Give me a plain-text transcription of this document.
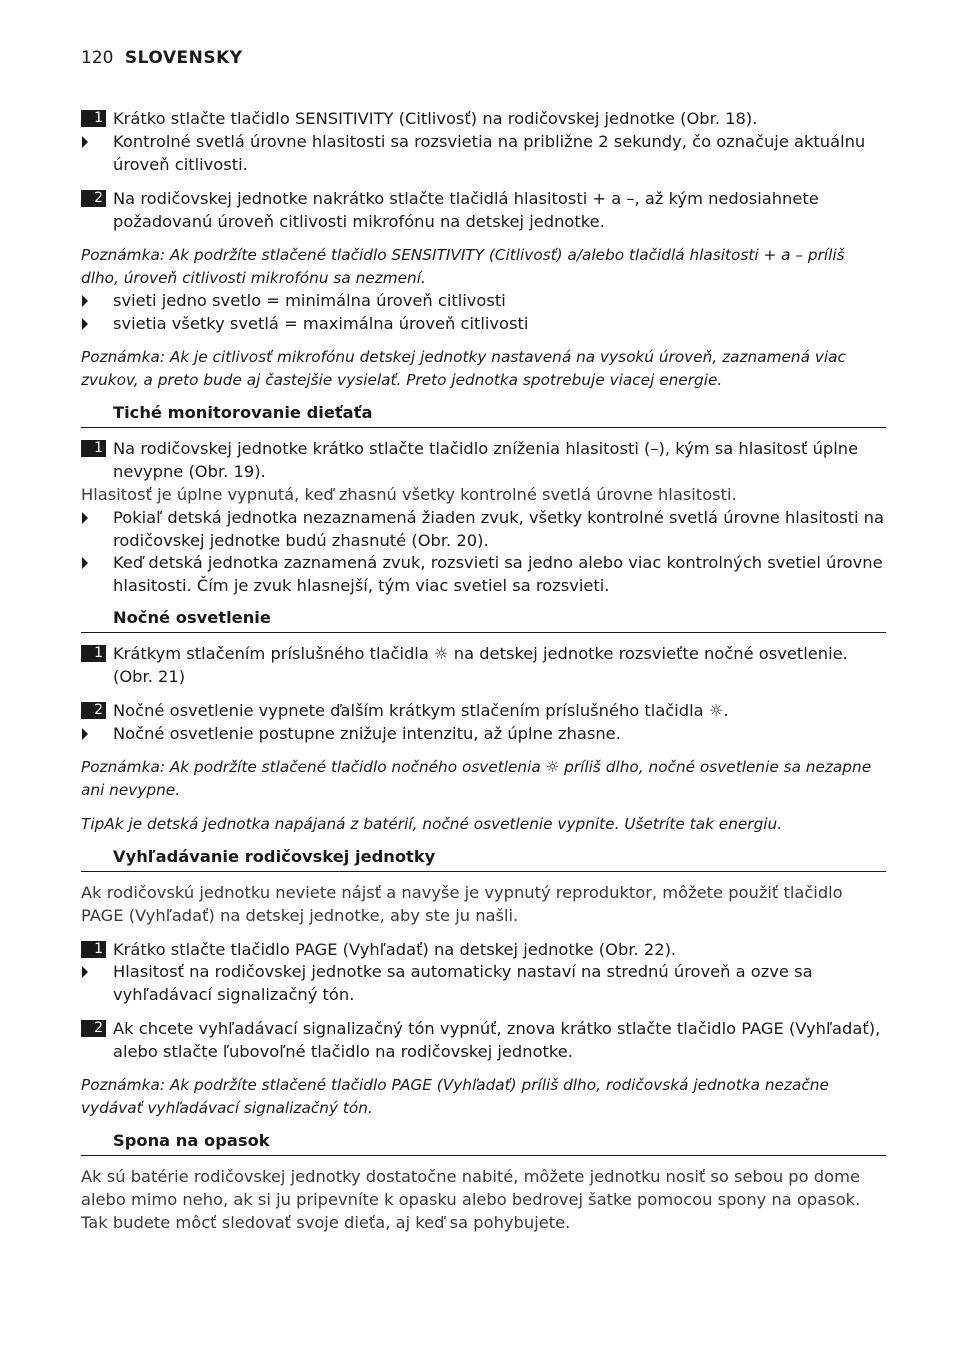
120 SLOVENSKY
1 Krátko stlačte tlačidlo SENSITIVITY (Citlivosť) na rodičovskej jednotke (Obr. 18).
Kontrolné svetlá úrovne hlasitosti sa rozsvietia na približne 2 sekundy, čo označuje aktuálnu úroveň citlivosti.
2 Na rodičovskej jednotke nakrátko stlačte tlačidlá hlasitosti + a –, až kým nedosiahnete požadovanú úroveň citlivosti mikrofónu na detskej jednotke.
Poznámka: Ak podržíte stlačené tlačidlo SENSITIVITY (Citlivosť) a/alebo tlačidlá hlasitosti + a – príliš dlho, úroveň citlivosti mikrofónu sa nezmení.
svieti jedno svetlo = minimálna úroveň citlivosti
svietia všetky svetlá = maximálna úroveň citlivosti
Poznámka: Ak je citlivosť mikrofónu detskej jednotky nastavená na vysokú úroveň, zaznamená viac zvukov, a preto bude aj častejšie vysielať. Preto jednotka spotrebuje viacej energie.
Tiché monitorovanie dieťaťa
1 Na rodičovskej jednotke krátko stlačte tlačidlo zníženia hlasitosti (–), kým sa hlasitosť úplne nevypne (Obr. 19).
Hlasitosť je úplne vypnutá, keď zhasnú všetky kontrolné svetlá úrovne hlasitosti.
Pokiaľ detská jednotka nezaznamená žiaden zvuk, všetky kontrolné svetlá úrovne hlasitosti na rodičovskej jednotke budú zhasnuté (Obr. 20).
Keď detská jednotka zaznamená zvuk, rozsvieti sa jedno alebo viac kontrolných svetiel úrovne hlasitosti. Čím je zvuk hlasnejší, tým viac svetiel sa rozsvieti.
Nočné osvetlenie
1 Krátkym stlačením príslušného tlačidla ☼ na detskej jednotke rozsvieťte nočné osvetlenie. (Obr. 21)
2 Nočné osvetlenie vypnete ďalším krátkym stlačením príslušného tlačidla ☼.
Nočné osvetlenie postupne znižuje intenzitu, až úplne zhasne.
Poznámka: Ak podržíte stlačené tlačidlo nočného osvetlenia ☼ príliš dlho, nočné osvetlenie sa nezapne ani nevypne.
TipAk je detská jednotka napájaná z batérií, nočné osvetlenie vypnite. Ušetríte tak energiu.
Vyhľadávanie rodičovskej jednotky
Ak rodičovskú jednotku neviete nájsť a navyše je vypnutý reproduktor, môžete použiť tlačidlo PAGE (Vyhľadať) na detskej jednotke, aby ste ju našli.
1 Krátko stlačte tlačidlo PAGE (Vyhľadať) na detskej jednotke (Obr. 22).
Hlasitosť na rodičovskej jednotke sa automaticky nastaví na strednú úroveň a ozve sa vyhľadávací signalizačný tón.
2 Ak chcete vyhľadávací signalizačný tón vypnúť, znova krátko stlačte tlačidlo PAGE (Vyhľadať), alebo stlačte ľubovoľné tlačidlo na rodičovskej jednotke.
Poznámka: Ak podržíte stlačené tlačidlo PAGE (Vyhľadať) príliš dlho, rodičovská jednotka nezačne vydávať vyhľadávací signalizačný tón.
Spona na opasok
Ak sú batérie rodičovskej jednotky dostatočne nabité, môžete jednotku nosiť so sebou po dome alebo mimo neho, ak si ju pripevníte k opasku alebo bedrovej šatke pomocou spony na opasok. Tak budete môcť sledovať svoje dieťa, aj keď sa pohybujete.
